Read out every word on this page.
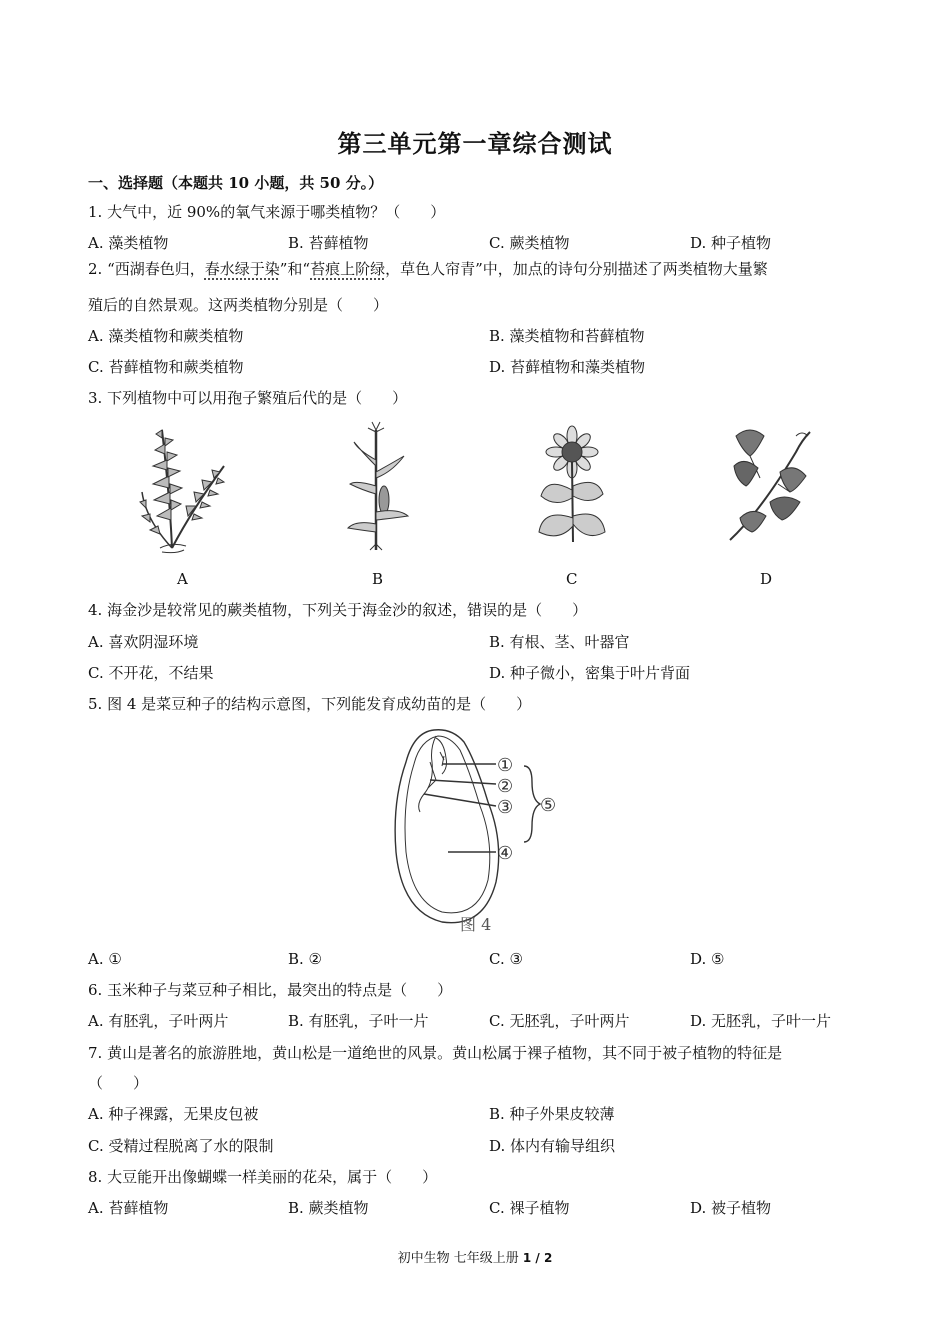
第三单元第一章综合测试
一、选择题（本题共 10 小题，共 50 分。）
1. 大气中，近 90%的氧气来源于哪类植物？（　　）
A. 藻类植物	B. 苔藓植物	C. 蕨类植物	D. 种子植物
2. “西湖春色归，春水绿于染”和“苔痕上阶绿，草色人帘青”中，加点的诗句分别描述了两类植物大量繁
殖后的自然景观。这两类植物分别是（　　）
A. 藻类植物和蕨类植物	B. 藻类植物和苔藓植物
C. 苔藓植物和蕨类植物	D. 苔藓植物和藻类植物
3. 下列植物中可以用孢子繁殖后代的是（　　）
A	B	C	D
4. 海金沙是较常见的蕨类植物，下列关于海金沙的叙述，错误的是（　　）
A. 喜欢阴湿环境	B. 有根、茎、叶器官
C. 不开花，不结果	D. 种子微小，密集于叶片背面
5. 图 4 是菜豆种子的结构示意图，下列能发育成幼苗的是（　　）
①
②
③
④
⑤
图 4
A. ①	B. ②	C. ③	D. ⑤
6. 玉米种子与菜豆种子相比，最突出的特点是（　　）
A. 有胚乳，子叶两片	B. 有胚乳，子叶一片	C. 无胚乳，子叶两片	D. 无胚乳，子叶一片
7. 黄山是著名的旅游胜地，黄山松是一道绝世的风景。黄山松属于裸子植物，其不同于被子植物的特征是
（　　）
A. 种子裸露，无果皮包被	B. 种子外果皮较薄
C. 受精过程脱离了水的限制	D. 体内有输导组织
8. 大豆能开出像蝴蝶一样美丽的花朵，属于（　　）
A. 苔藓植物	B. 蕨类植物	C. 裸子植物	D. 被子植物
初中生物 七年级上册 1 / 2
